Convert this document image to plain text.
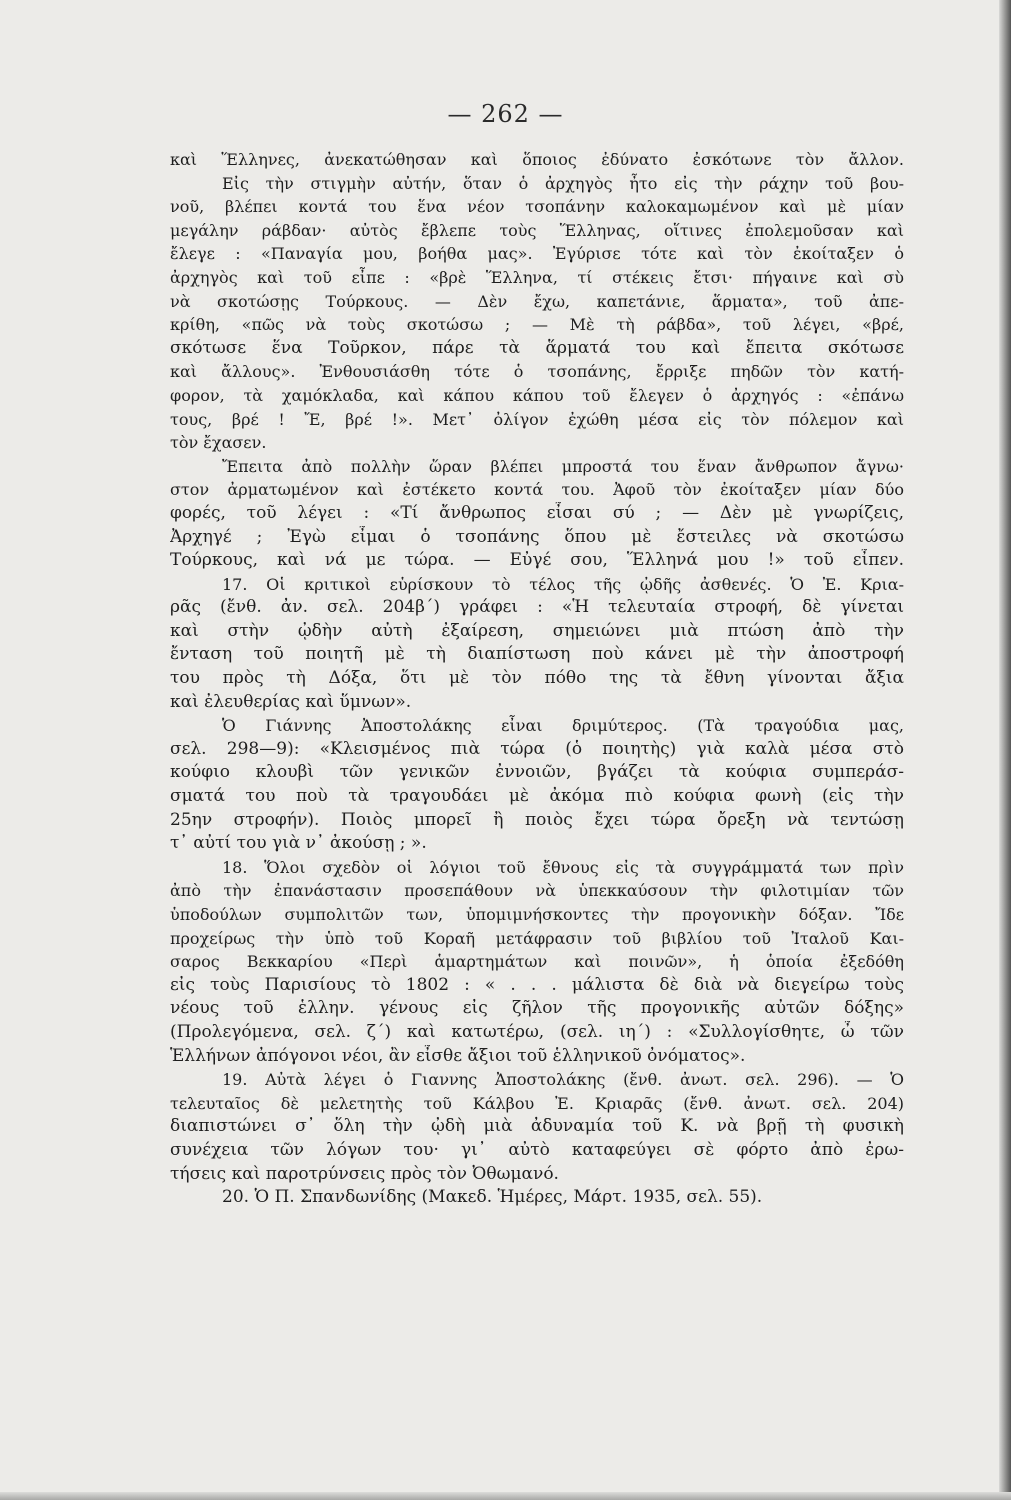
— 262 —
καὶ Ἕλληνες, ἀνεκατώθησαν καὶ ὅποιος ἐδύνατο ἐσκότωνε τὸν ἄλλον.
Εἰς τὴν στιγμὴν αὐτήν, ὅταν ὁ ἀρχηγὸς ἦτο εἰς τὴν ράχην τοῦ βου-
νοῦ, βλέπει κοντά του ἕνα νέον τσοπάνην καλοκαμωμένον καὶ μὲ μίαν
μεγάλην ράβδαν· αὐτὸς ἔβλεπε τοὺς Ἕλληνας, οἵτινες ἐπολεμοῦσαν καὶ
ἔλεγε : «Παναγία μου, βοήθα μας». Ἐγύρισε τότε καὶ τὸν ἐκοίταξεν ὁ
ἀρχηγὸς καὶ τοῦ εἶπε : «βρὲ Ἕλληνα, τί στέκεις ἔτσι· πήγαινε καὶ σὺ
νὰ σκοτώσῃς Τούρκους. — Δὲν ἔχω, καπετάνιε, ἅρματα», τοῦ ἀπε-
κρίθη, «πῶς νὰ τοὺς σκοτώσω ; — Μὲ τὴ ράβδα», τοῦ λέγει, «βρέ,
σκότωσε ἕνα Τοῦρκον, πάρε τὰ ἅρματά του καὶ ἔπειτα σκότωσε
καὶ ἄλλους». Ἐνθουσιάσθη τότε ὁ τσοπάνης, ἔρριξε πηδῶν τὸν κατή-
φορον, τὰ χαμόκλαδα, καὶ κάπου κάπου τοῦ ἔλεγεν ὁ ἀρχηγός : «ἐπάνω
τους, βρέ ! Ἔ, βρέ !». Μετ᾽ ὀλίγον ἐχώθη μέσα εἰς τὸν πόλεμον καὶ
τὸν ἔχασεν.
Ἔπειτα ἀπὸ πολλὴν ὥραν βλέπει μπροστά του ἕναν ἄνθρωπον ἄγνω·
στον ἀρματωμένον καὶ ἐστέκετο κοντά του. Ἀφοῦ τὸν ἐκοίταξεν μίαν δύο
φορές, τοῦ λέγει : «Τί ἄνθρωπος εἶσαι σύ ; — Δὲν μὲ γνωρίζεις,
Ἀρχηγέ ; Ἐγὼ εἶμαι ὁ τσοπάνης ὅπου μὲ ἔστειλες νὰ σκοτώσω
Τούρκους, καὶ νά με τώρα. — Εὐγέ σου, Ἕλληνά μου !» τοῦ εἶπεν.
17. Οἱ κριτικοὶ εὑρίσκουν τὸ τέλος τῆς ᾠδῆς ἀσθενές. Ὁ Ἐ. Κρια-
ρᾶς (ἔνθ. ἀν. σελ. 204β΄) γράφει : «Ἡ τελευταία στροφή, δὲ γίνεται
καὶ στὴν ᾠδὴν αὐτὴ ἐξαίρεση, σημειώνει μιὰ πτώση ἀπὸ τὴν
ἔνταση τοῦ ποιητῆ μὲ τὴ διαπίστωση ποὺ κάνει μὲ τὴν ἀποστροφή
του πρὸς τὴ Δόξα, ὅτι μὲ τὸν πόθο της τὰ ἔθνη γίνονται ἄξια
καὶ ἐλευθερίας καὶ ὕμνων».
Ὁ Γιάννης Ἀποστολάκης εἶναι δριμύτερος. (Τὰ τραγούδια μας,
σελ. 298—9): «Κλεισμένος πιὰ τώρα (ὁ ποιητὴς) γιὰ καλὰ μέσα στὸ
κούφιο κλουβὶ τῶν γενικῶν ἐννοιῶν, βγάζει τὰ κούφια συμπεράσ-
σματά του ποὺ τὰ τραγουδάει μὲ ἀκόμα πιὸ κούφια φωνὴ (εἰς τὴν
25ην στροφήν). Ποιὸς μπορεῖ ἢ ποιὸς ἔχει τώρα ὄρεξη νὰ τεντώσῃ
τ᾽ αὐτί του γιὰ ν᾽ ἀκούσῃ ; ».
18. Ὅλοι σχεδὸν οἱ λόγιοι τοῦ ἔθνους εἰς τὰ συγγράμματά των πρὶν
ἀπὸ τὴν ἐπανάστασιν προσεπάθουν νὰ ὑπεκκαύσουν τὴν φιλοτιμίαν τῶν
ὑποδούλων συμπολιτῶν των, ὑπομιμνήσκοντες τὴν προγονικὴν δόξαν. Ἴδε
προχείρως τὴν ὑπὸ τοῦ Κοραῆ μετάφρασιν τοῦ βιβλίου τοῦ Ἰταλοῦ Και-
σαρος Βεκκαρίου «Περὶ ἁμαρτημάτων καὶ ποινῶν», ἡ ὁποία ἐξεδόθη
εἰς τοὺς Παρισίους τὸ 1802 : « . . . μάλιστα δὲ διὰ νὰ διεγείρω τοὺς
νέους τοῦ ἑλλην. γένους εἰς ζῆλον τῆς προγονικῆς αὐτῶν δόξης»
(Προλεγόμενα, σελ. ζ΄) καὶ κατωτέρω, (σελ. ιη΄) : «Συλλογίσθητε, ὦ τῶν
Ἑλλήνων ἀπόγονοι νέοι, ἂν εἶσθε ἄξιοι τοῦ ἑλληνικοῦ ὀνόματος».
19. Αὐτὰ λέγει ὁ Γιαννης Ἀποστολάκης (ἔνθ. ἀνωτ. σελ. 296). — Ὁ
τελευταῖος δὲ μελετητὴς τοῦ Κάλβου Ἐ. Κριαρᾶς (ἔνθ. ἀνωτ. σελ. 204)
διαπιστώνει σ᾽ ὅλη τὴν ᾠδὴ μιὰ ἀδυναμία τοῦ Κ. νὰ βρῇ τὴ φυσικὴ
συνέχεια τῶν λόγων του· γι᾽ αὐτὸ καταφεύγει σὲ φόρτο ἀπὸ ἐρω-
τήσεις καὶ παροτρύνσεις πρὸς τὸν Ὀθωμανό.
20. Ὁ Π. Σπανδωνίδης (Μακεδ. Ἡμέρες, Μάρτ. 1935, σελ. 55).
